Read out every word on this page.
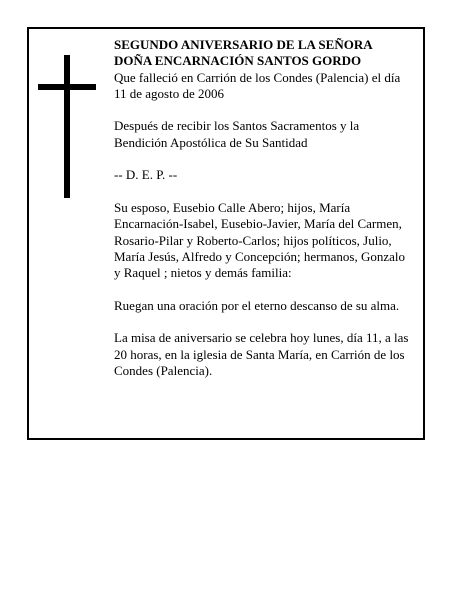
SEGUNDO ANIVERSARIO DE LA SEÑORA
DOÑA ENCARNACIÓN SANTOS GORDO
Que falleció en Carrión de los Condes (Palencia) el día 11 de agosto de 2006

Después de recibir los Santos Sacramentos y la Bendición Apostólica de Su Santidad

-- D. E. P. --

Su esposo, Eusebio Calle Abero; hijos, María Encarnación-Isabel, Eusebio-Javier, María del Carmen, Rosario-Pilar y Roberto-Carlos; hijos políticos, Julio, María Jesús, Alfredo y Concepción; hermanos, Gonzalo y Raquel ; nietos y demás familia:

Ruegan una oración por el eterno descanso de su alma.

La misa de aniversario se celebra hoy lunes, día 11, a las 20 horas, en la iglesia de Santa María, en Carrión de los Condes (Palencia).
